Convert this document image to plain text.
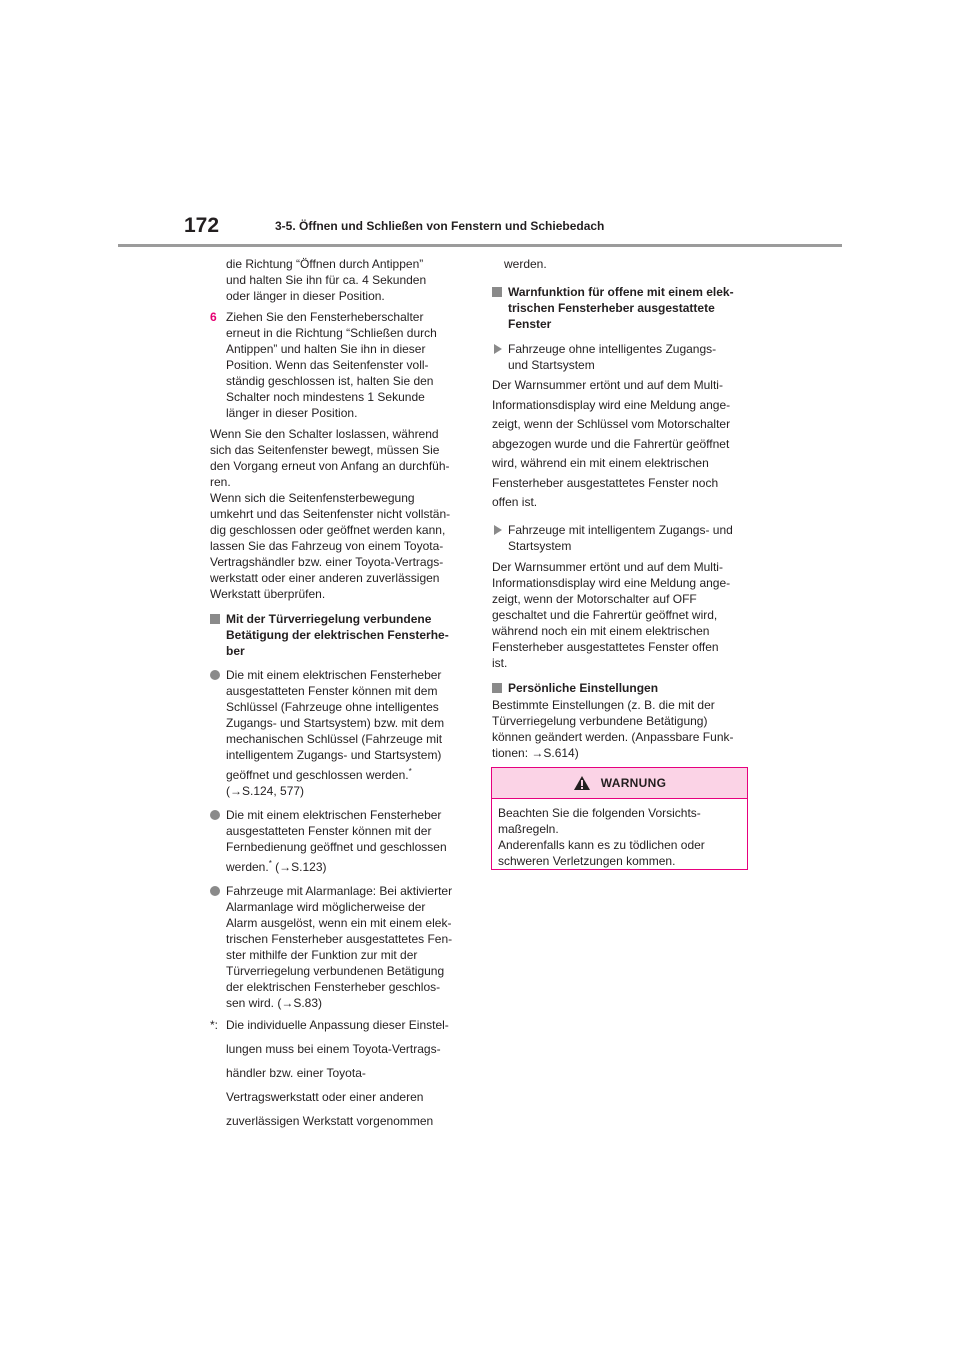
172	3-5. Öffnen und Schließen von Fenstern und Schiebedach

die Richtung “Öffnen durch Antippen”
und halten Sie ihn für ca. 4 Sekunden
oder länger in dieser Position.

6 Ziehen Sie den Fensterheberschalter
erneut in die Richtung “Schließen durch
Antippen” und halten Sie ihn in dieser
Position. Wenn das Seitenfenster voll-
ständig geschlossen ist, halten Sie den
Schalter noch mindestens 1 Sekunde
länger in dieser Position.

Wenn Sie den Schalter loslassen, während
sich das Seitenfenster bewegt, müssen Sie
den Vorgang erneut von Anfang an durchfüh-
ren.
Wenn sich die Seitenfensterbewegung
umkehrt und das Seitenfenster nicht vollstän-
dig geschlossen oder geöffnet werden kann,
lassen Sie das Fahrzeug von einem Toyota-
Vertragshändler bzw. einer Toyota-Vertrags-
werkstatt oder einer anderen zuverlässigen
Werkstatt überprüfen.

Mit der Türverriegelung verbundene
Betätigung der elektrischen Fensterhe-
ber

Die mit einem elektrischen Fensterheber
ausgestatteten Fenster können mit dem
Schlüssel (Fahrzeuge ohne intelligentes
Zugangs- und Startsystem) bzw. mit dem
mechanischen Schlüssel (Fahrzeuge mit
intelligentem Zugangs- und Startsystem)
geöffnet und geschlossen werden.*
(→S.124, 577)

Die mit einem elektrischen Fensterheber
ausgestatteten Fenster können mit der
Fernbedienung geöffnet und geschlossen
werden.* (→S.123)

Fahrzeuge mit Alarmanlage: Bei aktivierter
Alarmanlage wird möglicherweise der
Alarm ausgelöst, wenn ein mit einem elek-
trischen Fensterheber ausgestattetes Fen-
ster mithilfe der Funktion zur mit der
Türverriegelung verbundenen Betätigung
der elektrischen Fensterheber geschlos-
sen wird. (→S.83)

*: Die individuelle Anpassung dieser Einstel-
lungen muss bei einem Toyota-Vertrags-
händler bzw. einer Toyota-
Vertragswerkstatt oder einer anderen
zuverlässigen Werkstatt vorgenommen

werden.

Warnfunktion für offene mit einem elek-
trischen Fensterheber ausgestattete
Fenster

Fahrzeuge ohne intelligentes Zugangs-
und Startsystem

Der Warnsummer ertönt und auf dem Multi-
Informationsdisplay wird eine Meldung ange-
zeigt, wenn der Schlüssel vom Motorschalter
abgezogen wurde und die Fahrertür geöffnet
wird, während ein mit einem elektrischen
Fensterheber ausgestattetes Fenster noch
offen ist.

Fahrzeuge mit intelligentem Zugangs- und
Startsystem

Der Warnsummer ertönt und auf dem Multi-
Informationsdisplay wird eine Meldung ange-
zeigt, wenn der Motorschalter auf OFF
geschaltet und die Fahrertür geöffnet wird,
während noch ein mit einem elektrischen
Fensterheber ausgestattetes Fenster offen
ist.

Persönliche Einstellungen

Bestimmte Einstellungen (z. B. die mit der
Türverriegelung verbundene Betätigung)
können geändert werden. (Anpassbare Funk-
tionen: →S.614)

WARNUNG
Beachten Sie die folgenden Vorsichts-
maßregeln.
Anderenfalls kann es zu tödlichen oder
schweren Verletzungen kommen.
